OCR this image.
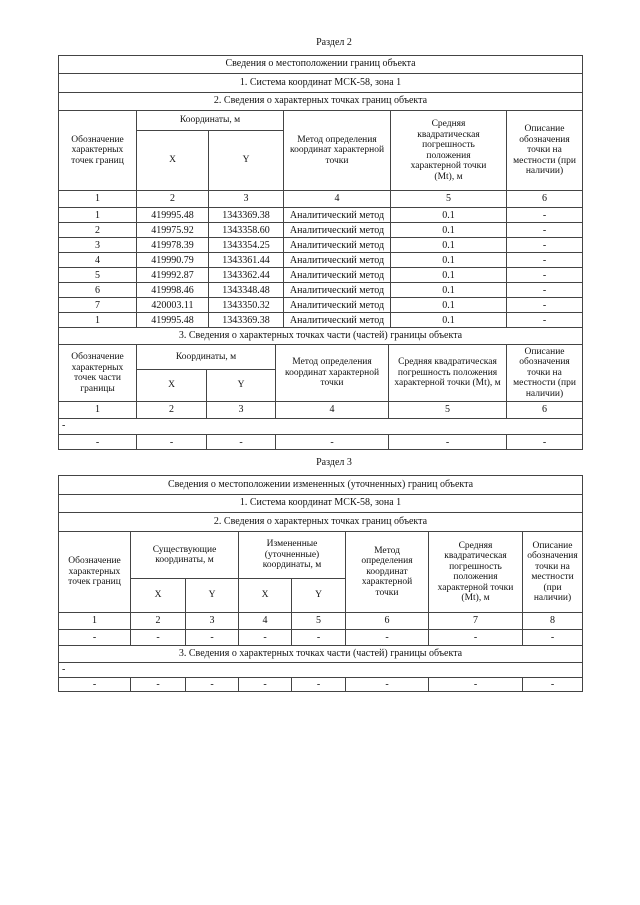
Раздел 2
Сведения о местоположении границ объекта					
1. Система координат МСК-58, зона 1					
2. Сведения о характерных точках границ объекта					
Обозначение характерных точек границ	Координаты, м		Метод определения координат характерной точки	Средняя квадратическая погрешность положения характерной точки (Mt), м	Описание обозначения точки на местности (при наличии)
	X	Y			
1	2	3	4	5	6
1	419995.48	1343369.38	Аналитический метод	0.1	-
2	419975.92	1343358.60	Аналитический метод	0.1	-
3	419978.39	1343354.25	Аналитический метод	0.1	-
4	419990.79	1343361.44	Аналитический метод	0.1	-
5	419992.87	1343362.44	Аналитический метод	0.1	-
6	419998.46	1343348.48	Аналитический метод	0.1	-
7	420003.11	1343350.32	Аналитический метод	0.1	-
1	419995.48	1343369.38	Аналитический метод	0.1	-
3. Сведения о характерных точках части (частей) границы объекта					
Обозначение характерных точек части границы	Координаты, м		Метод определения координат характерной точки	Средняя квадратическая погрешность положения характерной точки (Mt), м	Описание обозначения точки на местности (при наличии)
	X	Y			
1	2	3	4	5	6
-					
-	-	-	-	-	-
Раздел 3
Сведения о местоположении измененных (уточненных) границ объекта							
1. Система координат МСК-58, зона 1							
2. Сведения о характерных точках границ объекта							
Обозначение характерных точек границ	Существующие координаты, м		Измененные (уточненные) координаты, м		Метод определения координат характерной точки	Средняя квадратическая погрешность положения характерной точки (Mt), м	Описание обозначения точки на местности (при наличии)
	X	Y	X	Y			
1	2	3	4	5	6	7	8
-	-	-	-	-	-	-	-
3. Сведения о характерных точках части (частей) границы объекта							
-							
-	-	-	-	-	-	-	-
